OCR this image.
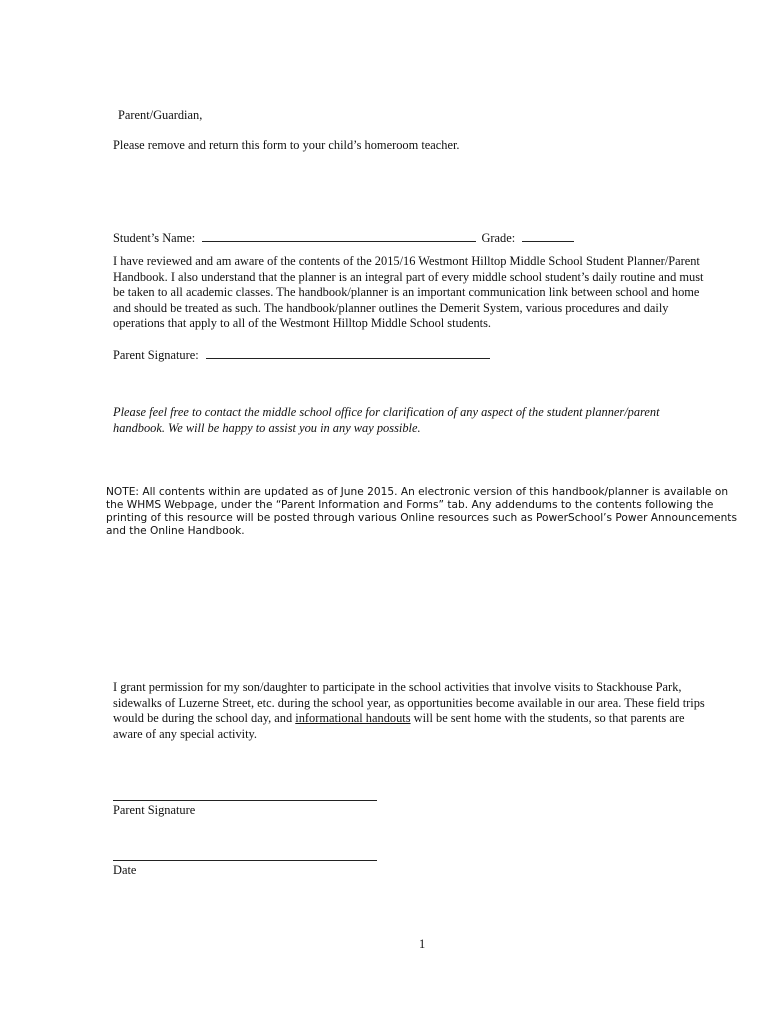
Parent/Guardian,

Please remove and return this form to your child’s homeroom teacher.

Student’s Name:	Grade:
I have reviewed and am aware of the contents of the 2015/16 Westmont Hilltop Middle School Student Planner/Parent
Handbook. I also understand that the planner is an integral part of every middle school student’s daily routine and must
be taken to all academic classes. The handbook/planner is an important communication link between school and home
and should be treated as such. The handbook/planner outlines the Demerit System, various procedures and daily
operations that apply to all of the Westmont Hilltop Middle School students.
Parent Signature:
Please feel free to contact the middle school office for clarification of any aspect of the student planner/parent
handbook. We will be happy to assist you in any way possible.
NOTE: All contents within are updated as of June 2015. An electronic version of this handbook/planner is available on
the WHMS Webpage, under the “Parent Information and Forms” tab. Any addendums to the contents following the
printing of this resource will be posted through various Online resources such as PowerSchool’s Power Announcements
and the Online Handbook.
I grant permission for my son/daughter to participate in the school activities that involve visits to Stackhouse Park,
sidewalks of Luzerne Street, etc. during the school year, as opportunities become available in our area. These field trips
would be during the school day, and informational handouts will be sent home with the students, so that parents are
aware of any special activity.

Parent Signature

Date

1
